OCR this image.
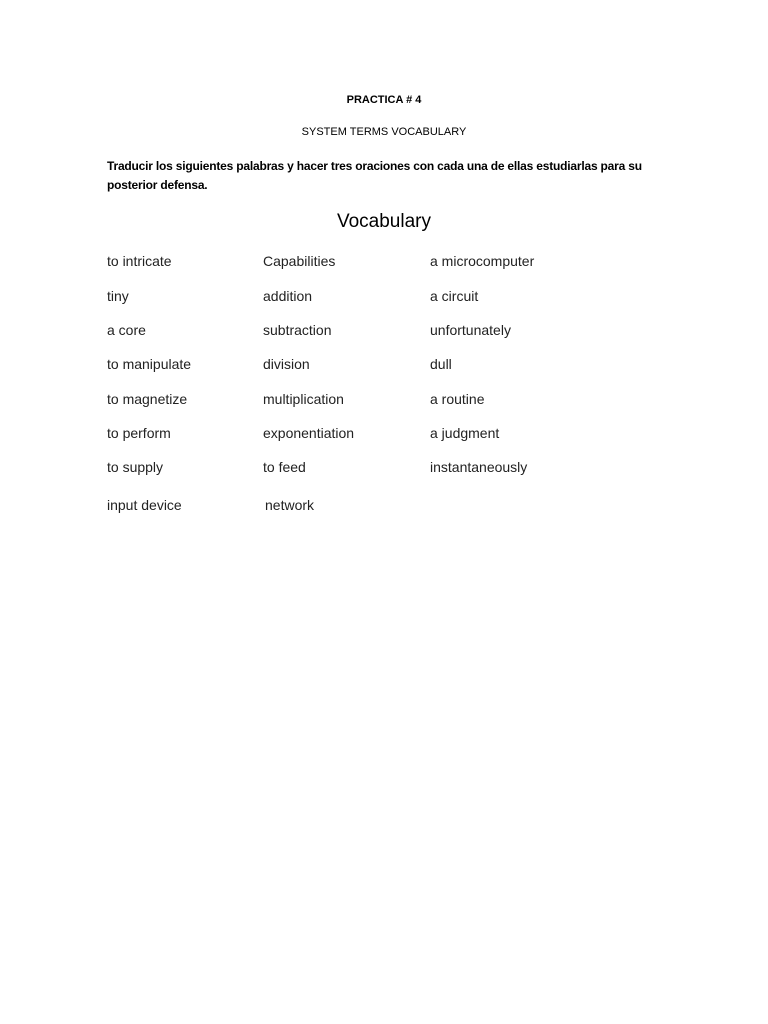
PRACTICA # 4
SYSTEM TERMS VOCABULARY
Traducir los siguientes palabras y hacer tres oraciones con cada una de ellas estudiarlas para su posterior defensa.
Vocabulary
to intricate	Capabilities	a microcomputer
tiny	addition	a circuit
a core	subtraction	unfortunately
to manipulate	division	dull
to magnetize	multiplication	a routine
to perform	exponentiation	a judgment
to supply	to feed	instantaneously
input device	network
